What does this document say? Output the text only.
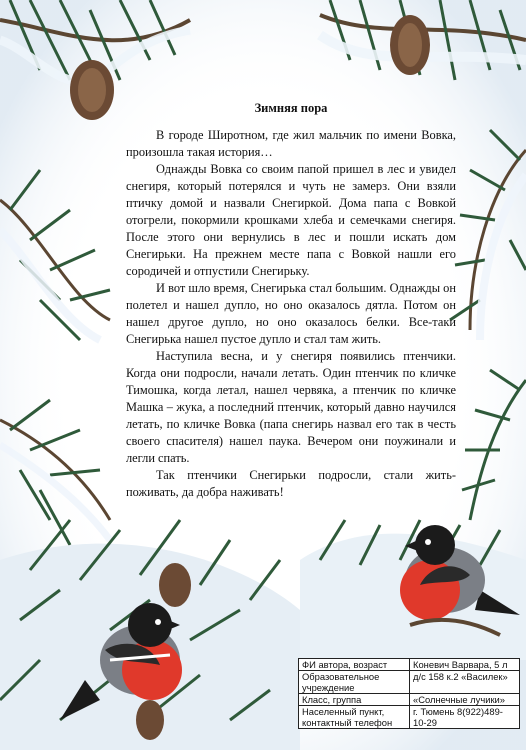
Зимняя пора

В городе Широтном, где жил мальчик по имени Вовка, произошла такая история…

Однажды Вовка со своим папой пришел в лес и увидел снегиря, который потерялся и чуть не замерз. Они взяли птичку домой и назвали Снегиркой. Дома папа с Вовкой отогрели, покормили крошками хлеба и семечками снегиря. После этого они вернулись в лес и пошли искать дом Снегирьки. На прежнем месте папа с Вовкой нашли его сородичей и отпустили Снегирьку.

И вот шло время, Снегирька стал большим. Однажды он полетел и нашел дупло, но оно оказалось дятла. Потом он нашел другое дупло, но оно оказалось белки. Все-таки Снегирька нашел пустое дупло и стал там жить.

Наступила весна, и у снегиря появились птенчики. Когда они подросли, начали летать. Один птенчик по кличке Тимошка, когда летал, нашел червяка, а птенчик по кличке Машка – жука, а последний птенчик, который давно научился летать, по кличке Вовка (папа снегирь назвал его так в честь своего спасителя) нашел паука. Вечером они поужинали и легли спать.

Так птенчики Снегирьки подросли, стали жить-поживать, да добра наживать!

ФИ автора, возраст	Коневич Варвара, 5 л
Образовательное учреждение	д/с 158 к.2 «Василек»
Класс, группа	«Солнечные лучики»
Населенный пункт, контактный телефон	г. Тюмень 8(922)489-10-29
